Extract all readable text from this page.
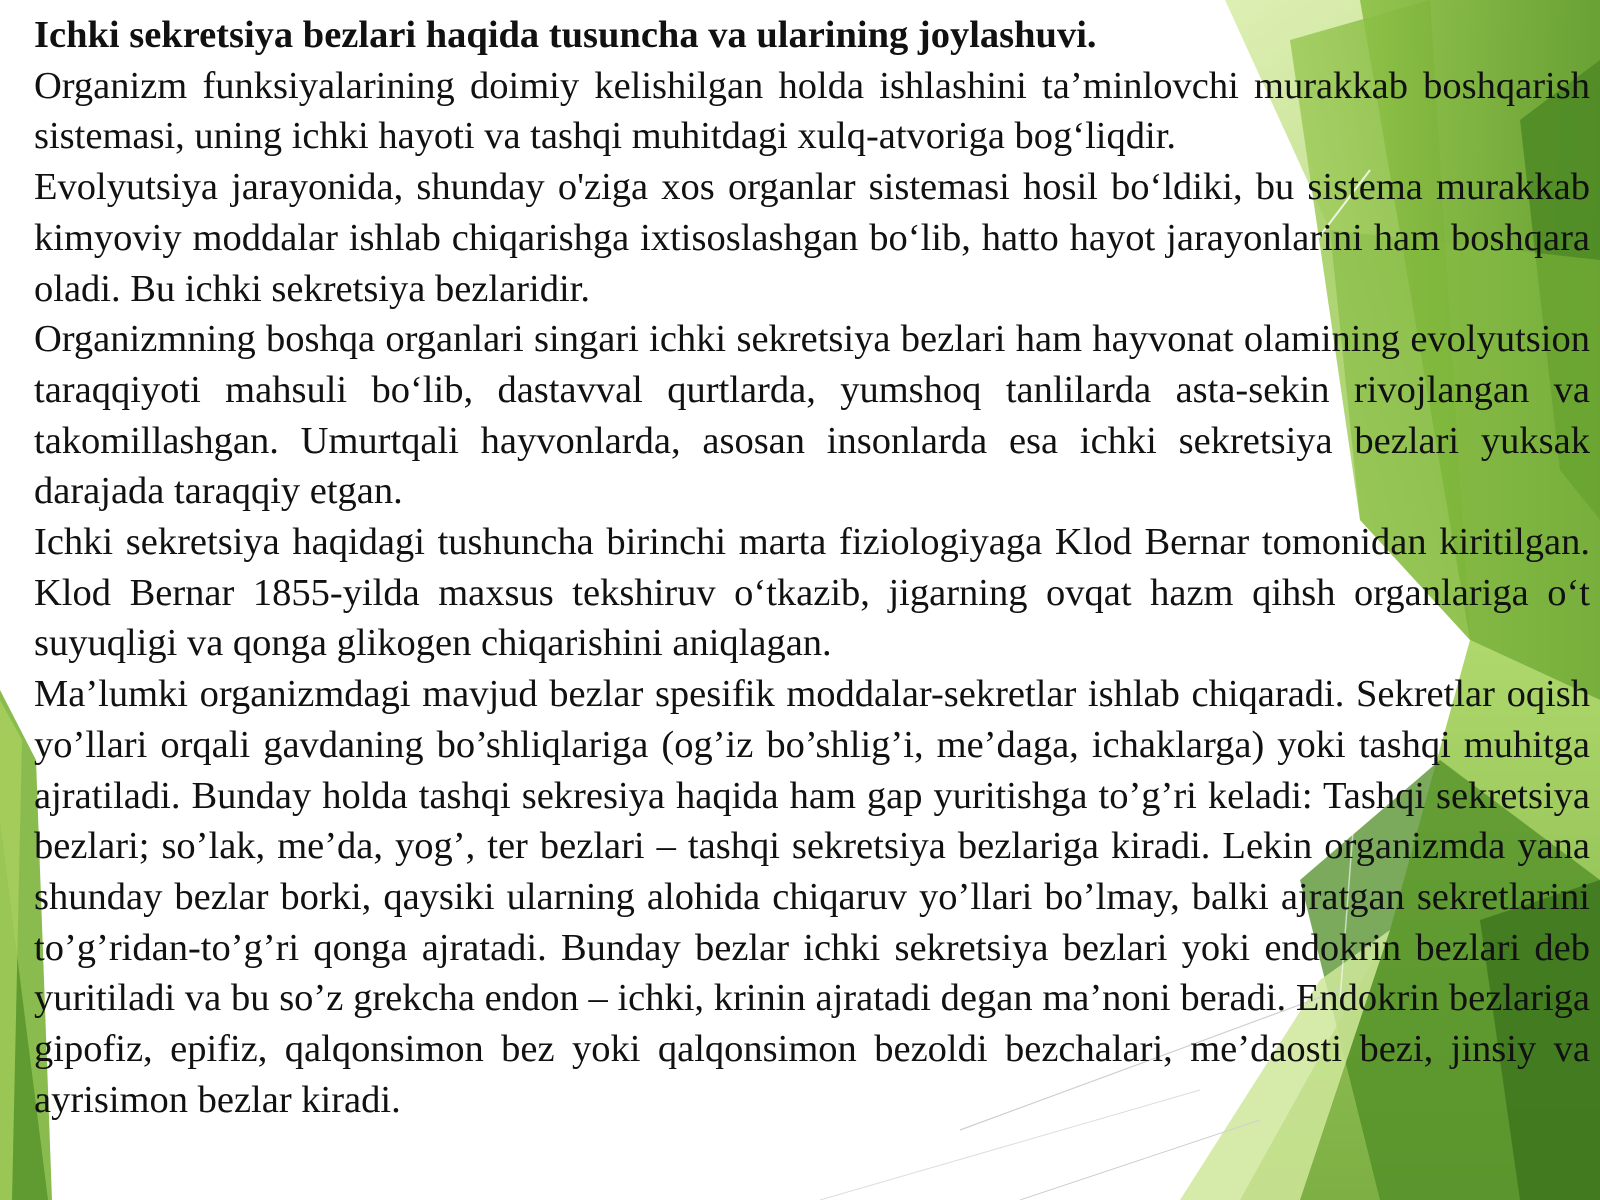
Ichki sekretsiya bezlari haqida tusuncha va ularining joylashuvi.

Organizm funksiyalarining doimiy kelishilgan holda ishlashini ta’minlovchi murakkab boshqarish sistemasi, uning ichki hayoti va tashqi muhitdagi xulq-atvoriga bog‘liqdir.

Evolyutsiya jarayonida, shunday o'ziga xos organlar sistemasi hosil bo‘ldiki, bu sistema murakkab kimyoviy moddalar ishlab chiqarishga ixtisoslashgan bo‘lib, hatto hayot jarayonlarini ham boshqara oladi. Bu ichki sekretsiya bezlaridir.

Organizmning boshqa organlari singari ichki sekretsiya bezlari ham hayvonat olamining evolyutsion taraqqiyoti mahsuli bo‘lib, dastavval qurtlarda, yumshoq tanlilarda asta-sekin rivojlangan va takomillashgan. Umurtqali hayvonlarda, asosan insonlarda esa ichki sekretsiya bezlari yuksak darajada taraqqiy etgan.

Ichki sekretsiya haqidagi tushuncha birinchi marta fiziologiyaga Klod Bernar tomonidan kiritilgan. Klod Bernar 1855-yilda maxsus tekshiruv o‘tkazib, jigarning ovqat hazm qihsh organlariga o‘t suyuqligi va qonga glikogen chiqarishini aniqlagan.

Ma’lumki organizmdagi mavjud bezlar spesifik moddalar-sekretlar ishlab chiqaradi. Sekretlar oqish yo’llari orqali gavdaning bo’shliqlariga (og’iz bo’shlig’i, me’daga, ichaklarga) yoki tashqi muhitga ajratiladi. Bunday holda tashqi sekresiya haqida ham gap yuritishga to’g’ri keladi: Tashqi sekretsiya bezlari; so’lak, me’da, yog’, ter bezlari – tashqi sekretsiya bezlariga kiradi. Lekin organizmda yana shunday bezlar borki, qaysiki ularning alohida chiqaruv yo’llari bo’lmay, balki ajratgan sekretlarini to’g’ridan-to’g’ri qonga ajratadi. Bunday bezlar ichki sekretsiya bezlari yoki endokrin bezlari deb yuritiladi va bu so’z grekcha endon – ichki, krinin ajratadi degan ma’noni beradi. Endokrin bezlariga gipofiz, epifiz, qalqonsimon bez yoki qalqonsimon bezoldi bezchalari, me’daosti bezi, jinsiy va ayrisimon bezlar kiradi.
